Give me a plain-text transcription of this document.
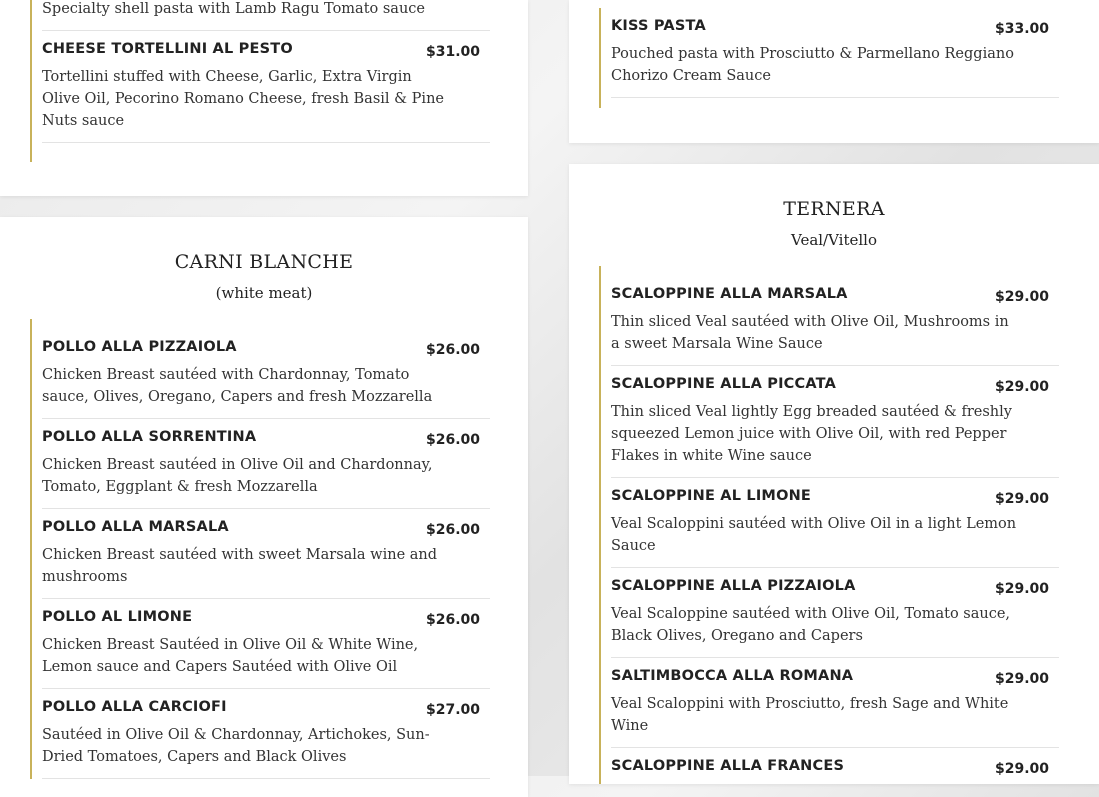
Specialty shell pasta with Lamb Ragu Tomato sauce
CHEESE TORTELLINI AL PESTO	$31.00
Tortellini stuffed with Cheese, Garlic, Extra Virgin Olive Oil, Pecorino Romano Cheese, fresh Basil & Pine Nuts sauce
KISS PASTA	$33.00
Pouched pasta with Prosciutto & Parmellano Reggiano Chorizo Cream Sauce
CARNI BLANCHE
(white meat)
POLLO ALLA PIZZAIOLA	$26.00
Chicken Breast sautéed with Chardonnay, Tomato sauce, Olives, Oregano, Capers and fresh Mozzarella
POLLO ALLA SORRENTINA	$26.00
Chicken Breast sautéed in Olive Oil and Chardonnay, Tomato, Eggplant & fresh Mozzarella
POLLO ALLA MARSALA	$26.00
Chicken Breast sautéed with sweet Marsala wine and mushrooms
POLLO AL LIMONE	$26.00
Chicken Breast Sautéed in Olive Oil & White Wine, Lemon sauce and Capers Sautéed with Olive Oil
POLLO ALLA CARCIOFI	$27.00
Sautéed in Olive Oil & Chardonnay, Artichokes, Sun-Dried Tomatoes, Capers and Black Olives
TERNERA
Veal/Vitello
SCALOPPINE ALLA MARSALA	$29.00
Thin sliced Veal sautéed with Olive Oil, Mushrooms in a sweet Marsala Wine Sauce
SCALOPPINE ALLA PICCATA	$29.00
Thin sliced Veal lightly Egg breaded sautéed & freshly squeezed Lemon juice with Olive Oil, with red Pepper Flakes in white Wine sauce
SCALOPPINE AL LIMONE	$29.00
Veal Scaloppini sautéed with Olive Oil in a light Lemon Sauce
SCALOPPINE ALLA PIZZAIOLA	$29.00
Veal Scaloppine sautéed with Olive Oil, Tomato sauce, Black Olives, Oregano and Capers
SALTIMBOCCA ALLA ROMANA	$29.00
Veal Scaloppini with Prosciutto, fresh Sage and White Wine
SCALOPPINE ALLA FRANCES	$29.00
